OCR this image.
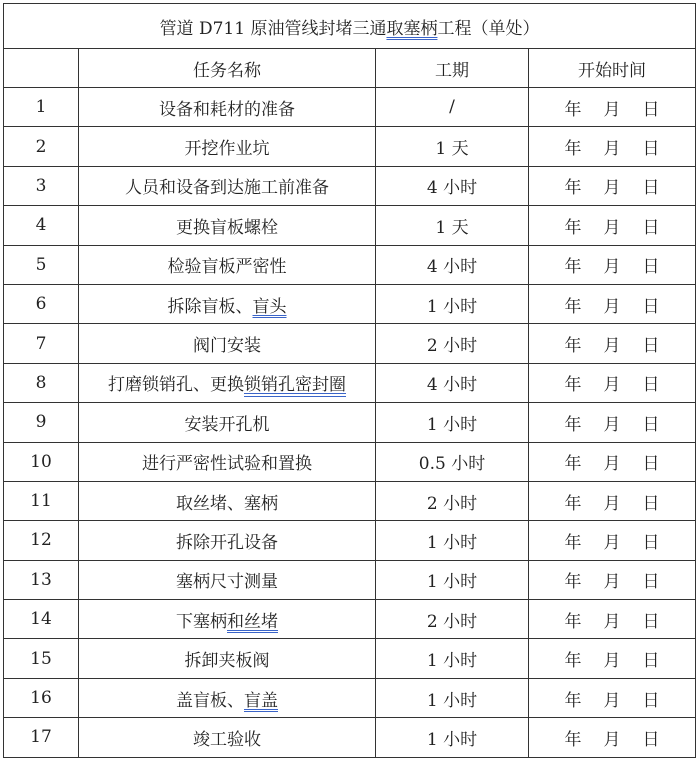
管道 D711 原油管线封堵三通取塞柄工程（单处）			
	任务名称	工期	开始时间
1	设备和耗材的准备	/	年 月 日
2	开挖作业坑	1 天	年 月 日
3	人员和设备到达施工前准备	4 小时	年 月 日
4	更换盲板螺栓	1 天	年 月 日
5	检验盲板严密性	4 小时	年 月 日
6	拆除盲板、盲头	1 小时	年 月 日
7	阀门安装	2 小时	年 月 日
8	打磨锁销孔、更换锁销孔密封圈	4 小时	年 月 日
9	安装开孔机	1 小时	年 月 日
10	进行严密性试验和置换	0.5 小时	年 月 日
11	取丝堵、塞柄	2 小时	年 月 日
12	拆除开孔设备	1 小时	年 月 日
13	塞柄尺寸测量	1 小时	年 月 日
14	下塞柄和丝堵	2 小时	年 月 日
15	拆卸夹板阀	1 小时	年 月 日
16	盖盲板、盲盖	1 小时	年 月 日
17	竣工验收	1 小时	年 月 日
